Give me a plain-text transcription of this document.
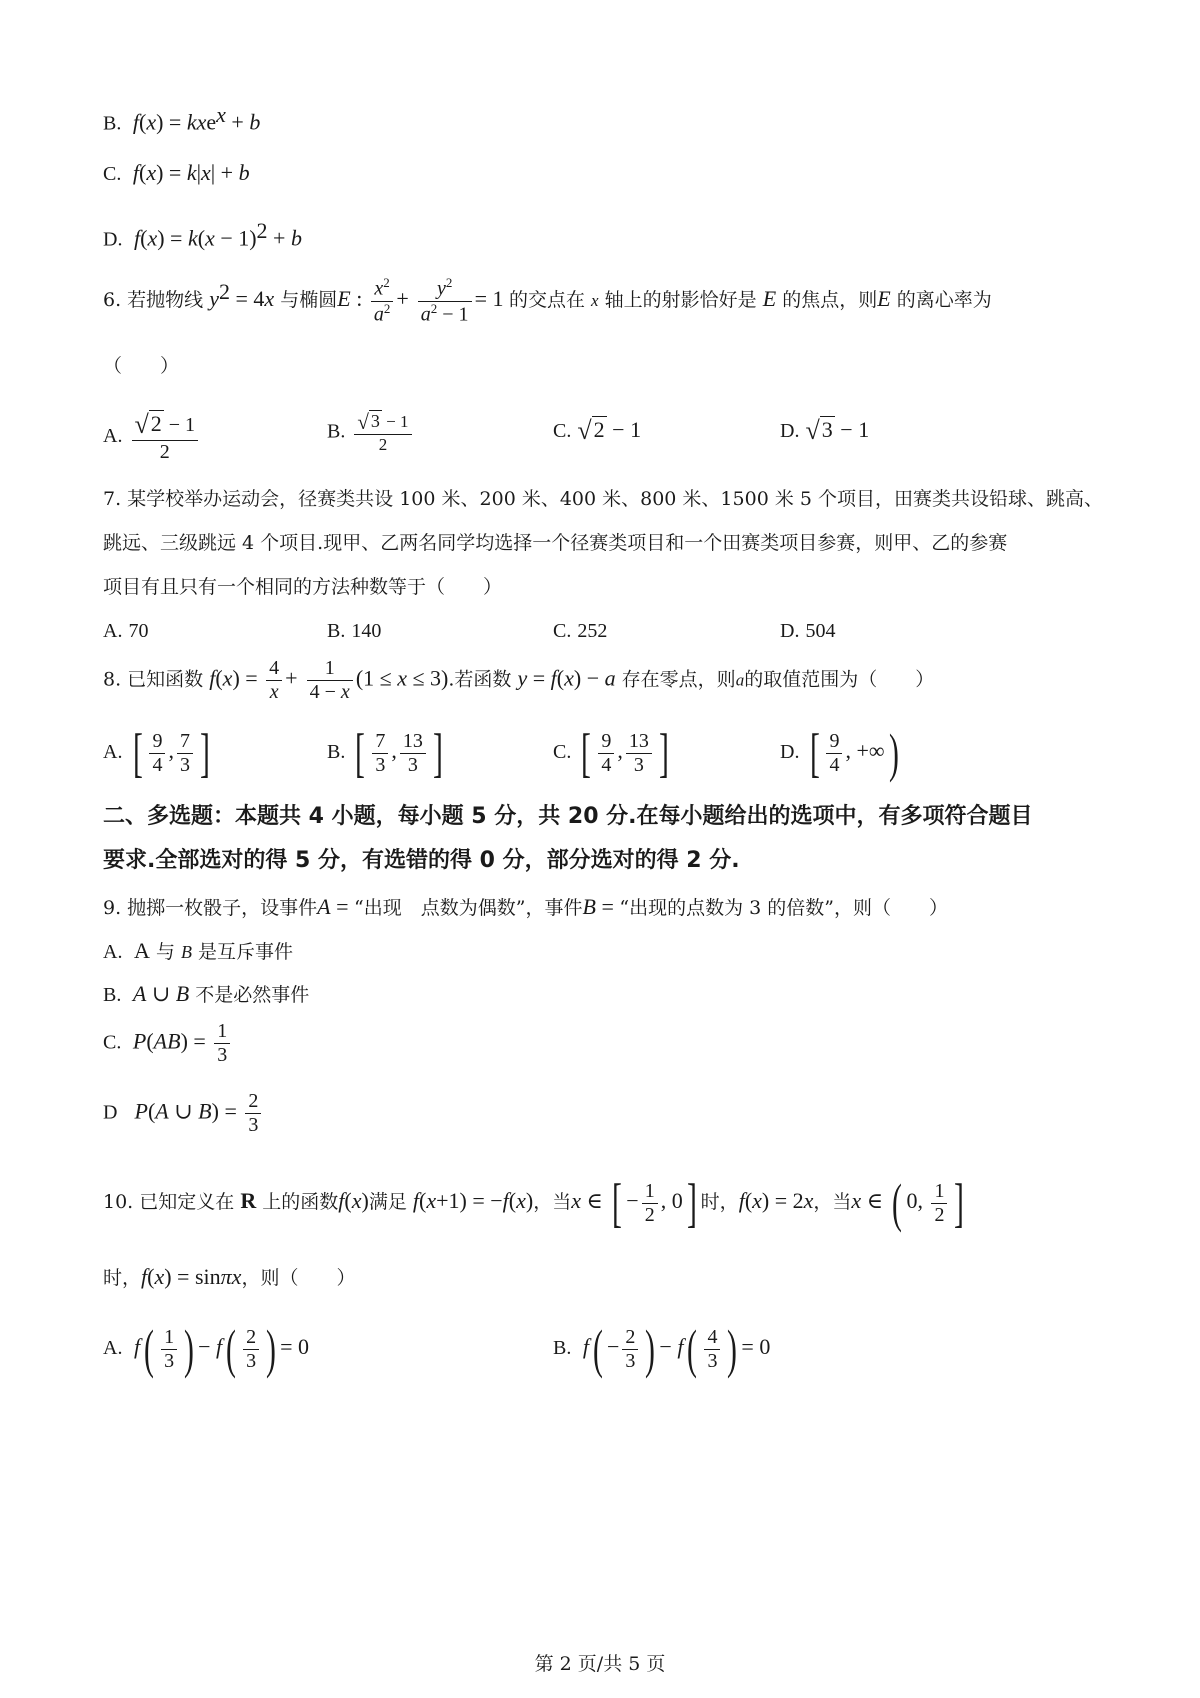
B.  f(x) = kxe$^x$ + b
C.  f(x) = k|x| + b
D.  $f(x) = k(x - 1)^2 + b$
6. 若抛物线 $y^2 = 4x$ 与椭圆E : $\frac{x^2}{a^2} + \frac{y^2}{a^2 - 1} = 1$ 的交点在 x 轴上的射影恰好是 E 的焦点，则E 的离心率为
（　　）
A. $\frac{√2 - 1}{2}$	B. $\frac{√ 3 - 1}{2}$	C. √2 − 1	D. √3 − 1
7. 某学校举办运动会，径赛类共设 100 米、200 米、400 米、800 米、1500 米 5 个项目，田赛类共设铅球、跳高、
跳远、三级跳远 4 个项目.现甲、乙两名同学均选择一个径赛类项目和一个田赛类项目参赛，则甲、乙的参赛
项目有且只有一个相同的方法种数等于（　　）
A. 70	B. 140	C. 252	D. 504
8. 已知函数 $f(x) = \frac{4}{x} + \frac{1}{4 - x} (1 \le x \le 3)$.若函数 y = f(x) − a 存在零点，则a的取值范围为（　　）
A. [ $\frac{9}{4}$ , $\frac{7}{3}$ ]	B. [ $\frac{7}{3}$ , $\frac{13}{3}$ ]	C. [ $\frac{9}{4}$ , $\frac{13}{3}$ ]	D. [ $\frac{9}{4}$ , +∞)
二、多选题：本题共 4 小题，每小题 5 分，共 20 分.在每小题给出的选项中，有多项符合题目
要求.全部选对的得 5 分，有选错的得 0 分，部分选对的得 2 分.
9. 抛掷一枚骰子，设事件A = “出现　点数为偶数”，事件B = “出现的点数为 3 的倍数”，则（　　）
A.  A 与 B 是互斥事件
B.  A ∪ B 不是必然事件
C.  $P(AB) = \frac{1}{3}$
D   P(A ∪ $B) = \frac{2}{3}$
10. 已知定义在 R 上的函数f(x)满足 f(x+1) = −f(x)，当x ∈ [ − $\frac{1}{2}$ , 0] 时，f(x) = 2x，当x ∈ ( 0, $\frac{1}{2}$ ]
时，f(x) = sinπx，则（　　）
A.  $f( \frac{1}{3}$ ) − $f( \frac{2}{3}$ ) = 0	B.  $f( - \frac{2}{3}$ ) − $f( \frac{4}{3}$ ) = 0
第 2 页/共 5 页
